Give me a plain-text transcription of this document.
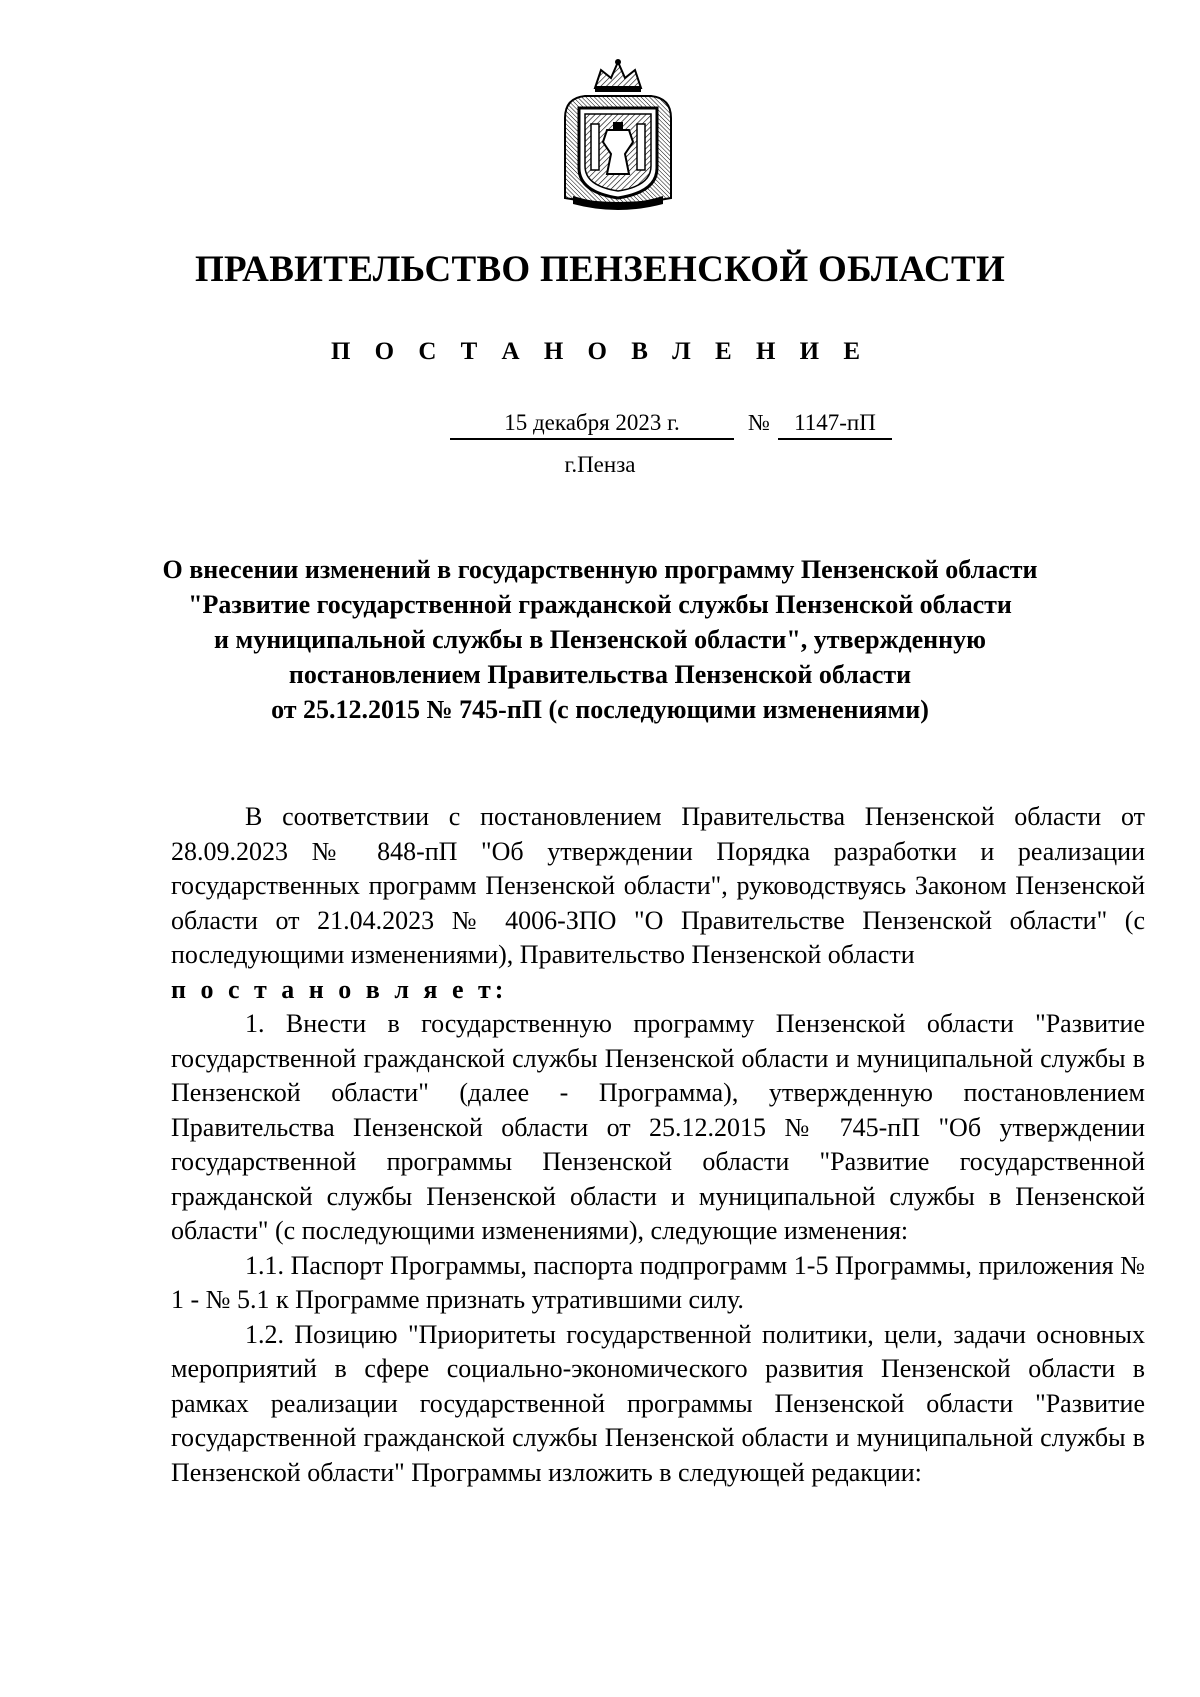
ПРАВИТЕЛЬСТВО ПЕНЗЕНСКОЙ ОБЛАСТИ
П О С Т А Н О В Л Е Н И Е
15 декабря 2023 г.	№	1147-пП
г.Пенза
О внесении изменений в государственную программу Пензенской области
"Развитие государственной гражданской службы Пензенской области
и муниципальной службы в Пензенской области", утвержденную
постановлением Правительства Пензенской области
от 25.12.2015 № 745-пП (с последующими изменениями)

В соответствии с постановлением Правительства Пензенской области от 28.09.2023 № 848-пП "Об утверждении Порядка разработки и реализации государственных программ Пензенской области", руководствуясь Законом Пензенской области от 21.04.2023 № 4006-ЗПО "О Правительстве Пензенской области" (с последующими изменениями), Правительство Пензенской области

п о с т а н о в л я е т:

1. Внести в государственную программу Пензенской области "Развитие государственной гражданской службы Пензенской области и муниципальной службы в Пензенской области" (далее - Программа), утвержденную постановлением Правительства Пензенской области от 25.12.2015 № 745-пП "Об утверждении государственной программы Пензенской области "Развитие государственной гражданской службы Пензенской области и муниципальной службы в Пензенской области" (с последующими изменениями), следующие изменения:

1.1. Паспорт Программы, паспорта подпрограмм 1-5 Программы, приложения № 1 - № 5.1 к Программе признать утратившими силу.

1.2. Позицию "Приоритеты государственной политики, цели, задачи основных мероприятий в сфере социально-экономического развития Пензенской области в рамках реализации государственной программы Пензенской области "Развитие государственной гражданской службы Пензенской области и муниципальной службы в Пензенской области" Программы изложить в следующей редакции:
